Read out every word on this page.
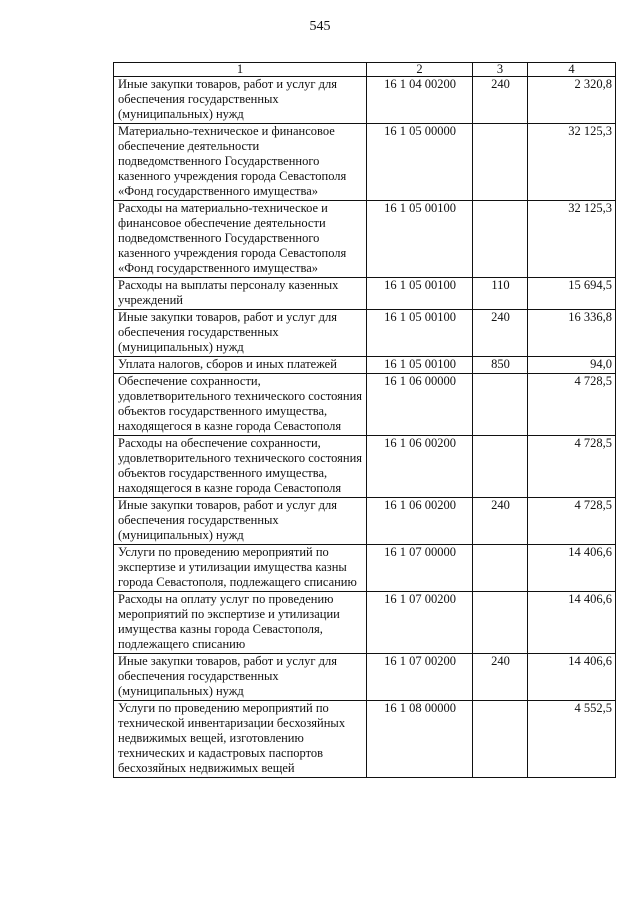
545
1	2	3	4
Иные закупки товаров, работ и услуг для обеспечения государственных (муниципальных) нужд	16 1 04 00200	240	2 320,8
Материально-техническое и финансовое обеспечение деятельности подведомственного Государственного казенного учреждения города Севастополя «Фонд государственного имущества»	16 1 05 00000		32 125,3
Расходы на материально-техническое и финансовое обеспечение деятельности подведомственного Государственного казенного учреждения города Севастополя «Фонд государственного имущества»	16 1 05 00100		32 125,3
Расходы на выплаты персоналу казенных учреждений	16 1 05 00100	110	15 694,5
Иные закупки товаров, работ и услуг для обеспечения государственных (муниципальных) нужд	16 1 05 00100	240	16 336,8
Уплата налогов, сборов и иных платежей	16 1 05 00100	850	94,0
Обеспечение сохранности, удовлетворительного технического состояния объектов государственного имущества, находящегося в казне города Севастополя	16 1 06 00000		4 728,5
Расходы на обеспечение сохранности, удовлетворительного технического состояния объектов государственного имущества, находящегося в казне города Севастополя	16 1 06 00200		4 728,5
Иные закупки товаров, работ и услуг для обеспечения государственных (муниципальных) нужд	16 1 06 00200	240	4 728,5
Услуги по проведению мероприятий по экспертизе и утилизации имущества казны города Севастополя, подлежащего списанию	16 1 07 00000		14 406,6
Расходы на оплату услуг по проведению мероприятий по экспертизе и утилизации имущества казны города Севастополя, подлежащего списанию	16 1 07 00200		14 406,6
Иные закупки товаров, работ и услуг для обеспечения государственных (муниципальных) нужд	16 1 07 00200	240	14 406,6
Услуги по проведению мероприятий по технической инвентаризации бесхозяйных недвижимых вещей, изготовлению технических и кадастровых паспортов бесхозяйных недвижимых вещей	16 1 08 00000		4 552,5
